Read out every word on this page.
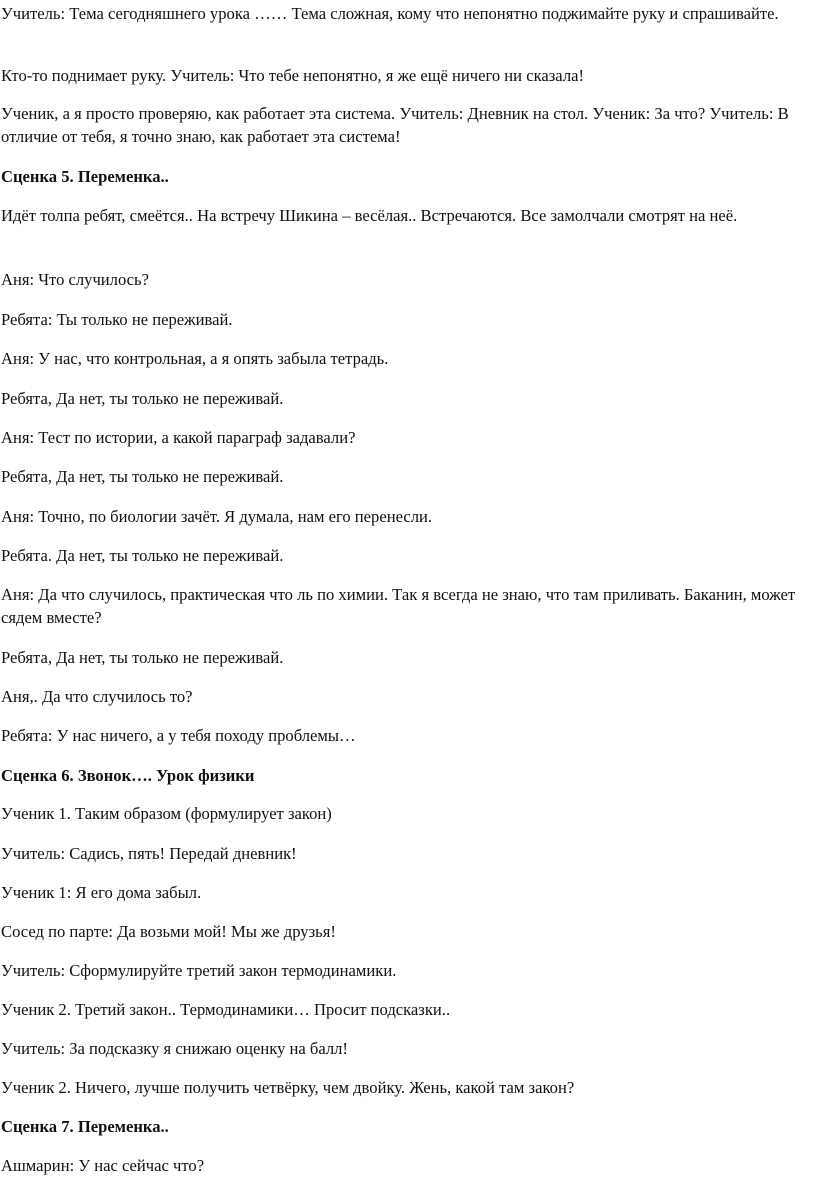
Учитель: Тема сегодняшнего урока …… Тема сложная, кому что непонятно поджимайте руку и спрашивайте.

Кто-то поднимает руку. Учитель: Что тебе непонятно, я же ещё ничего ни сказала!

Ученик, а я просто проверяю, как работает эта система. Учитель: Дневник на стол. Ученик: За что? Учитель: В отличие от тебя, я точно знаю, как работает эта система!

Сценка 5. Переменка..

Идёт толпа ребят, смеётся.. На встречу Шикина – весёлая.. Встречаются. Все замолчали смотрят на неё.

Аня: Что случилось?

Ребята: Ты только не переживай.

Аня: У нас, что контрольная, а я опять забыла тетрадь.

Ребята, Да нет, ты только не переживай.

Аня: Тест по истории, а какой параграф задавали?

Ребята, Да нет, ты только не переживай.

Аня: Точно, по биологии зачёт. Я думала, нам его перенесли.

Ребята. Да нет, ты только не переживай.

Аня: Да что случилось, практическая что ль по химии. Так я всегда не знаю, что там приливать. Баканин, может сядем вместе?

Ребята, Да нет, ты только не переживай.

Аня,. Да что случилось то?

Ребята: У нас ничего, а у тебя походу проблемы…

Сценка 6. Звонок…. Урок физики

Ученик 1. Таким образом (формулирует закон)

Учитель: Садись, пять! Передай дневник!

Ученик 1: Я его дома забыл.

Сосед по парте: Да возьми мой! Мы же друзья!

Учитель: Сформулируйте третий закон термодинамики.

Ученик 2. Третий закон.. Термодинамики… Просит подсказки..

Учитель: За подсказку я снижаю оценку на балл!

Ученик 2. Ничего, лучше получить четвёрку, чем двойку. Жень, какой там закон?

Сценка 7. Переменка..

Ашмарин: У нас сейчас что?
